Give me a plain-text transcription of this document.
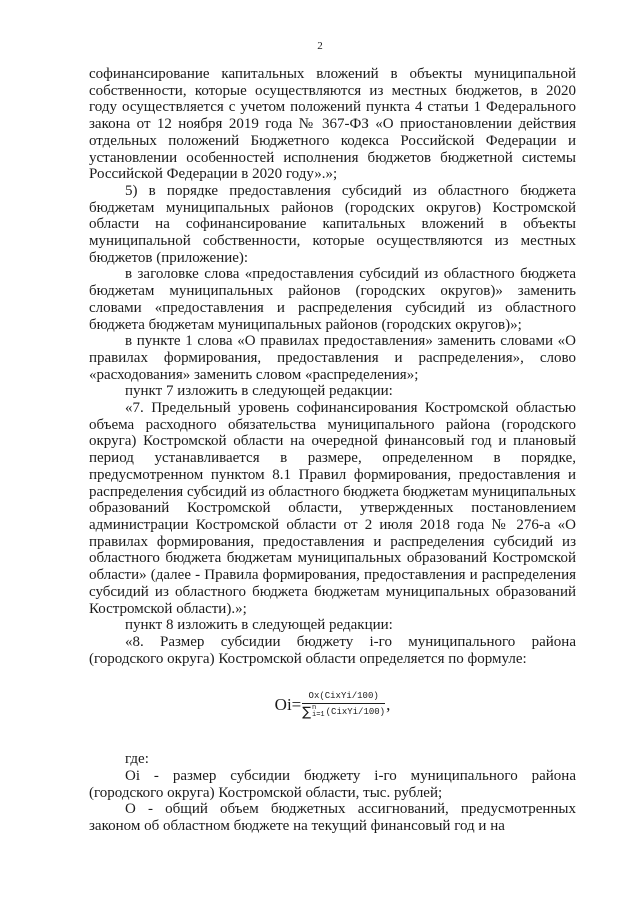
2

софинансирование капитальных вложений в объекты муниципальной собственности, которые осуществляются из местных бюджетов, в 2020 году осуществляется с учетом положений пункта 4 статьи 1 Федерального закона от 12 ноября 2019 года № 367-ФЗ «О приостановлении действия отдельных положений Бюджетного кодекса Российской Федерации и установлении особенностей исполнения бюджетов бюджетной системы Российской Федерации в 2020 году».»;

5) в порядке предоставления субсидий из областного бюджета бюджетам муниципальных районов (городских округов) Костромской области на софинансирование капитальных вложений в объекты муниципальной собственности, которые осуществляются из местных бюджетов (приложение):

в заголовке слова «предоставления субсидий из областного бюджета бюджетам муниципальных районов (городских округов)» заменить словами «предоставления и распределения субсидий из областного бюджета бюджетам муниципальных районов (городских округов)»;

в пункте 1 слова «О правилах предоставления» заменить словами «О правилах формирования, предоставления и распределения», слово «расходования» заменить словом «распределения»;

пункт 7 изложить в следующей редакции:

«7. Предельный уровень софинансирования Костромской областью объема расходного обязательства муниципального района (городского округа) Костромской области на очередной финансовый год и плановый период устанавливается в размере, определенном в порядке, предусмотренном пунктом 8.1 Правил формирования, предоставления и распределения субсидий из областного бюджета бюджетам муниципальных образований Костромской области, утвержденных постановлением администрации Костромской области от 2 июля 2018 года № 276-а «О правилах формирования, предоставления и распределения субсидий из областного бюджета бюджетам муниципальных образований Костромской области» (далее - Правила формирования, предоставления и распределения субсидий из областного бюджета бюджетам муниципальных образований Костромской области).»;

пункт 8 изложить в следующей редакции:

«8. Размер субсидии бюджету i-го муниципального района (городского округа) Костромской области определяется по формуле:

Oi= Ox(CixYi/100)
∑ n
i=1 (CixYi/100) ,

где:

Oi - размер субсидии бюджету i-го муниципального района (городского округа) Костромской области, тыс. рублей;

O - общий объем бюджетных ассигнований, предусмотренных законом об областном бюджете на текущий финансовый год и на
